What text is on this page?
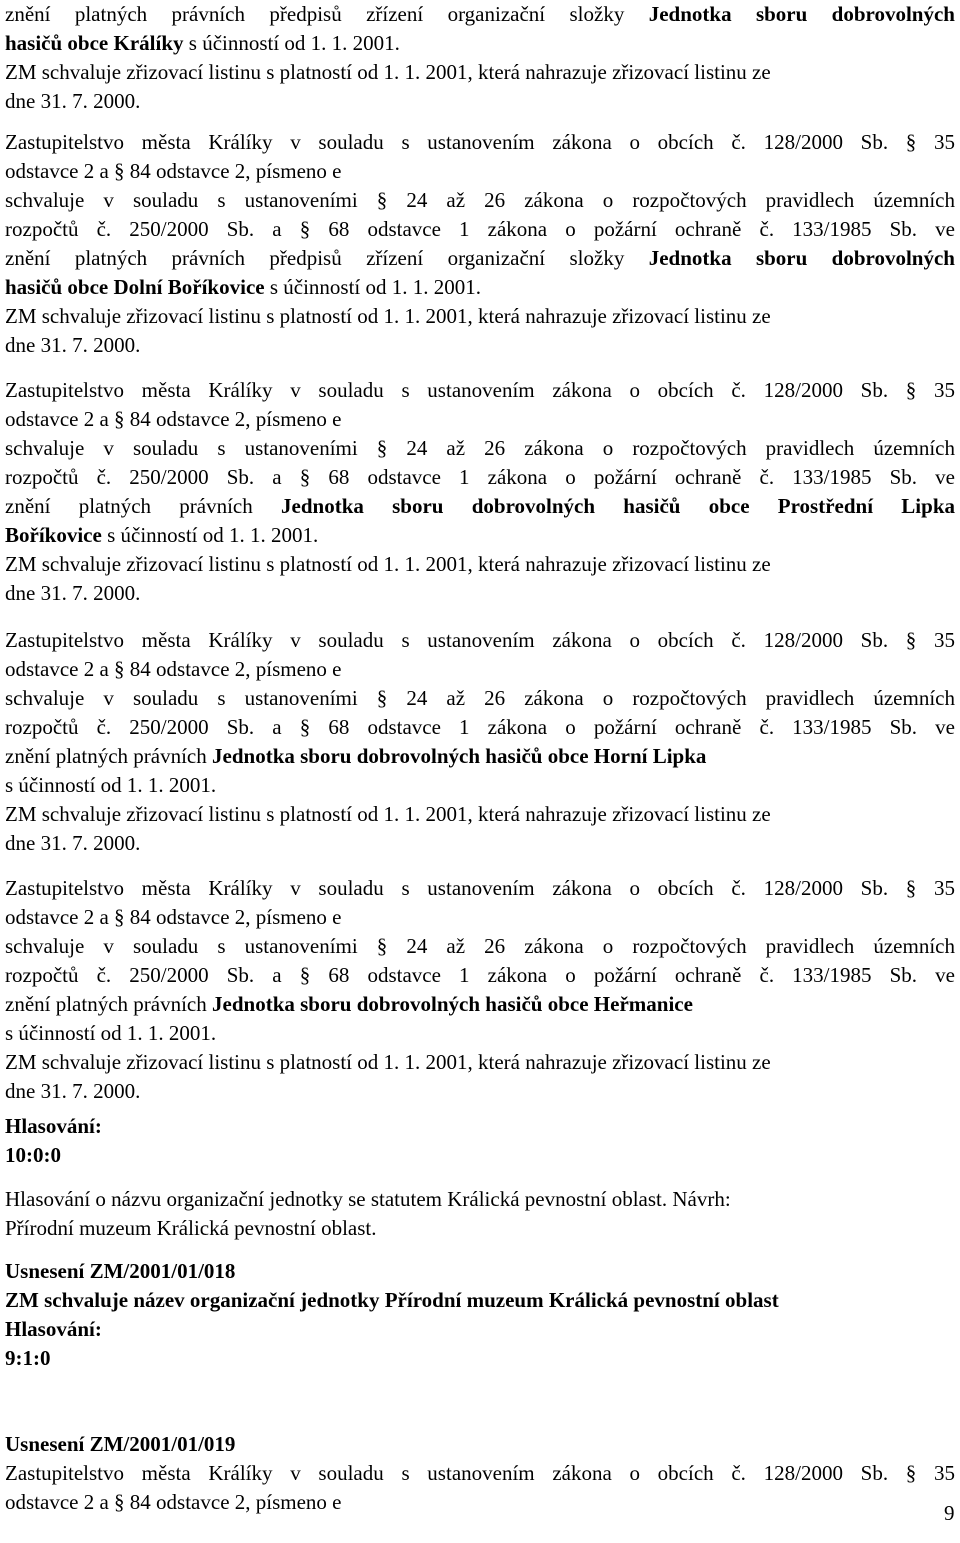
znění platných právních předpisů zřízení organizační složky Jednotka sboru dobrovolných
hasičů obce Králíky s účinností od 1. 1. 2001.
ZM schvaluje zřizovací listinu s platností od 1. 1. 2001, která nahrazuje zřizovací listinu ze
dne 31. 7. 2000.
Zastupitelstvo města Králíky v souladu s ustanovením zákona o obcích č. 128/2000 Sb. § 35
odstavce 2 a § 84 odstavce 2, písmeno e
schvaluje v souladu s ustanoveními § 24 až 26 zákona o rozpočtových pravidlech územních
rozpočtů č. 250/2000 Sb. a § 68 odstavce 1 zákona o požární ochraně č. 133/1985 Sb. ve
znění platných právních předpisů zřízení organizační složky Jednotka sboru dobrovolných
hasičů obce Dolní Boříkovice s účinností od 1. 1. 2001.
ZM schvaluje zřizovací listinu s platností od 1. 1. 2001, která nahrazuje zřizovací listinu ze
dne 31. 7. 2000.
Zastupitelstvo města Králíky v souladu s ustanovením zákona o obcích č. 128/2000 Sb. § 35
odstavce 2 a § 84 odstavce 2, písmeno e
schvaluje v souladu s ustanoveními § 24 až 26 zákona o rozpočtových pravidlech územních
rozpočtů č. 250/2000 Sb. a § 68 odstavce 1 zákona o požární ochraně č. 133/1985 Sb. ve
znění platných právních Jednotka sboru dobrovolných hasičů obce Prostřední Lipka
Boříkovice s účinností od 1. 1. 2001.
ZM schvaluje zřizovací listinu s platností od 1. 1. 2001, která nahrazuje zřizovací listinu ze
dne 31. 7. 2000.
Zastupitelstvo města Králíky v souladu s ustanovením zákona o obcích č. 128/2000 Sb. § 35
odstavce 2 a § 84 odstavce 2, písmeno e
schvaluje v souladu s ustanoveními § 24 až 26 zákona o rozpočtových pravidlech územních
rozpočtů č. 250/2000 Sb. a § 68 odstavce 1 zákona o požární ochraně č. 133/1985 Sb. ve
znění platných právních Jednotka sboru dobrovolných hasičů obce Horní Lipka
s účinností od 1. 1. 2001.
ZM schvaluje zřizovací listinu s platností od 1. 1. 2001, která nahrazuje zřizovací listinu ze
dne 31. 7. 2000.
Zastupitelstvo města Králíky v souladu s ustanovením zákona o obcích č. 128/2000 Sb. § 35
odstavce 2 a § 84 odstavce 2, písmeno e
schvaluje v souladu s ustanoveními § 24 až 26 zákona o rozpočtových pravidlech územních
rozpočtů č. 250/2000 Sb. a § 68 odstavce 1 zákona o požární ochraně č. 133/1985 Sb. ve
znění platných právních Jednotka sboru dobrovolných hasičů obce Heřmanice
s účinností od 1. 1. 2001.
ZM schvaluje zřizovací listinu s platností od 1. 1. 2001, která nahrazuje zřizovací listinu ze
dne 31. 7. 2000.
Hlasování:
10:0:0
Hlasování o názvu organizační jednotky se statutem Králická pevnostní oblast. Návrh:
Přírodní muzeum Králická pevnostní oblast.
Usnesení ZM/2001/01/018
ZM schvaluje název organizační jednotky Přírodní muzeum Králická pevnostní oblast
Hlasování:
9:1:0
Usnesení ZM/2001/01/019
Zastupitelstvo města Králíky v souladu s ustanovením zákona o obcích č. 128/2000 Sb. § 35
odstavce 2 a § 84 odstavce 2, písmeno e	9
